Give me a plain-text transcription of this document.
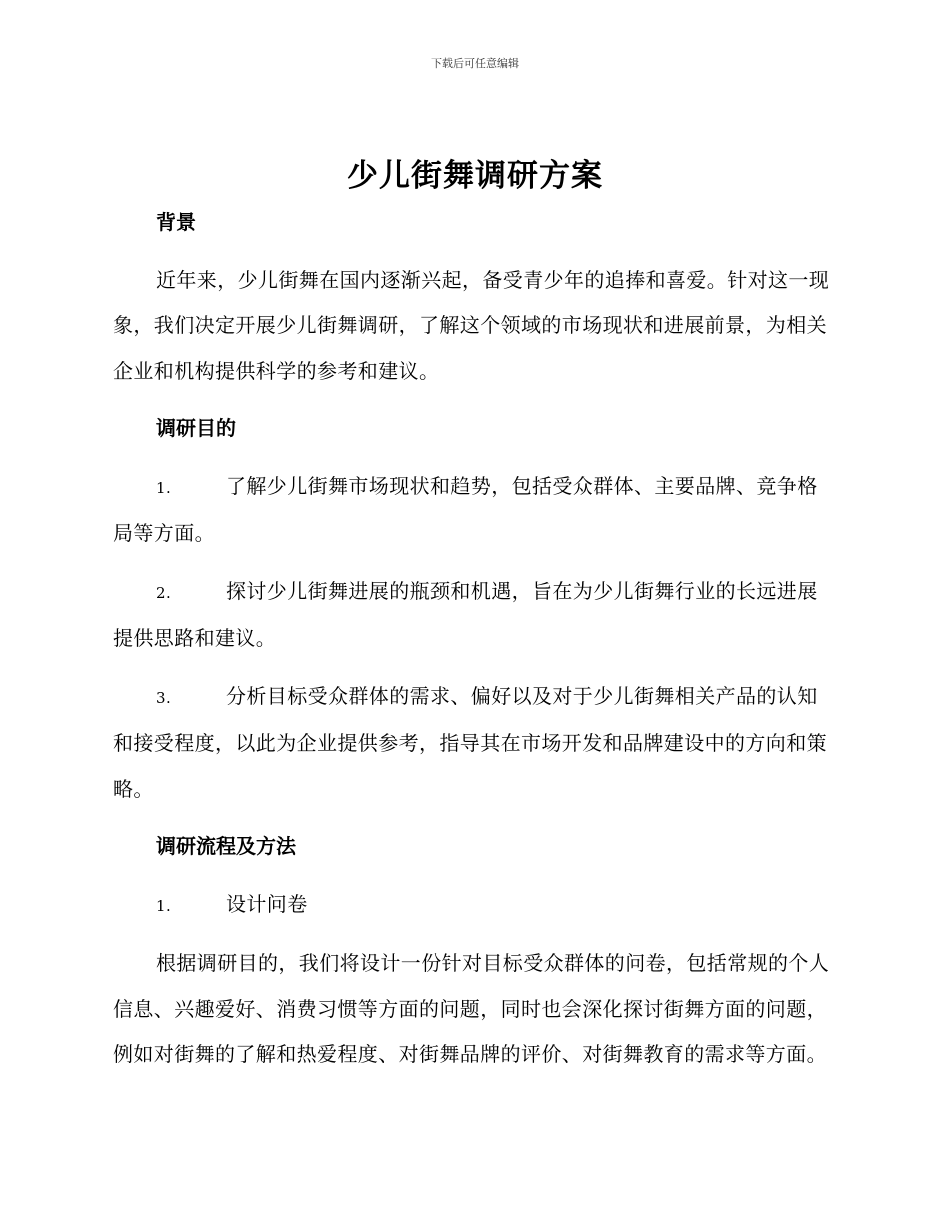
下载后可任意编辑
少儿街舞调研方案

背景

近年来，少儿街舞在国内逐渐兴起，备受青少年的追捧和喜爱。针对这一现象，我们决定开展少儿街舞调研，了解这个领域的市场现状和进展前景，为相关企业和机构提供科学的参考和建议。

调研目的

1.	了解少儿街舞市场现状和趋势，包括受众群体、主要品牌、竞争格局等方面。

2.	探讨少儿街舞进展的瓶颈和机遇，旨在为少儿街舞行业的长远进展提供思路和建议。

3.	分析目标受众群体的需求、偏好以及对于少儿街舞相关产品的认知和接受程度，以此为企业提供参考，指导其在市场开发和品牌建设中的方向和策略。

调研流程及方法

1.	设计问卷

根据调研目的，我们将设计一份针对目标受众群体的问卷，包括常规的个人信息、兴趣爱好、消费习惯等方面的问题，同时也会深化探讨街舞方面的问题，例如对街舞的了解和热爱程度、对街舞品牌的评价、对街舞教育的需求等方面。
